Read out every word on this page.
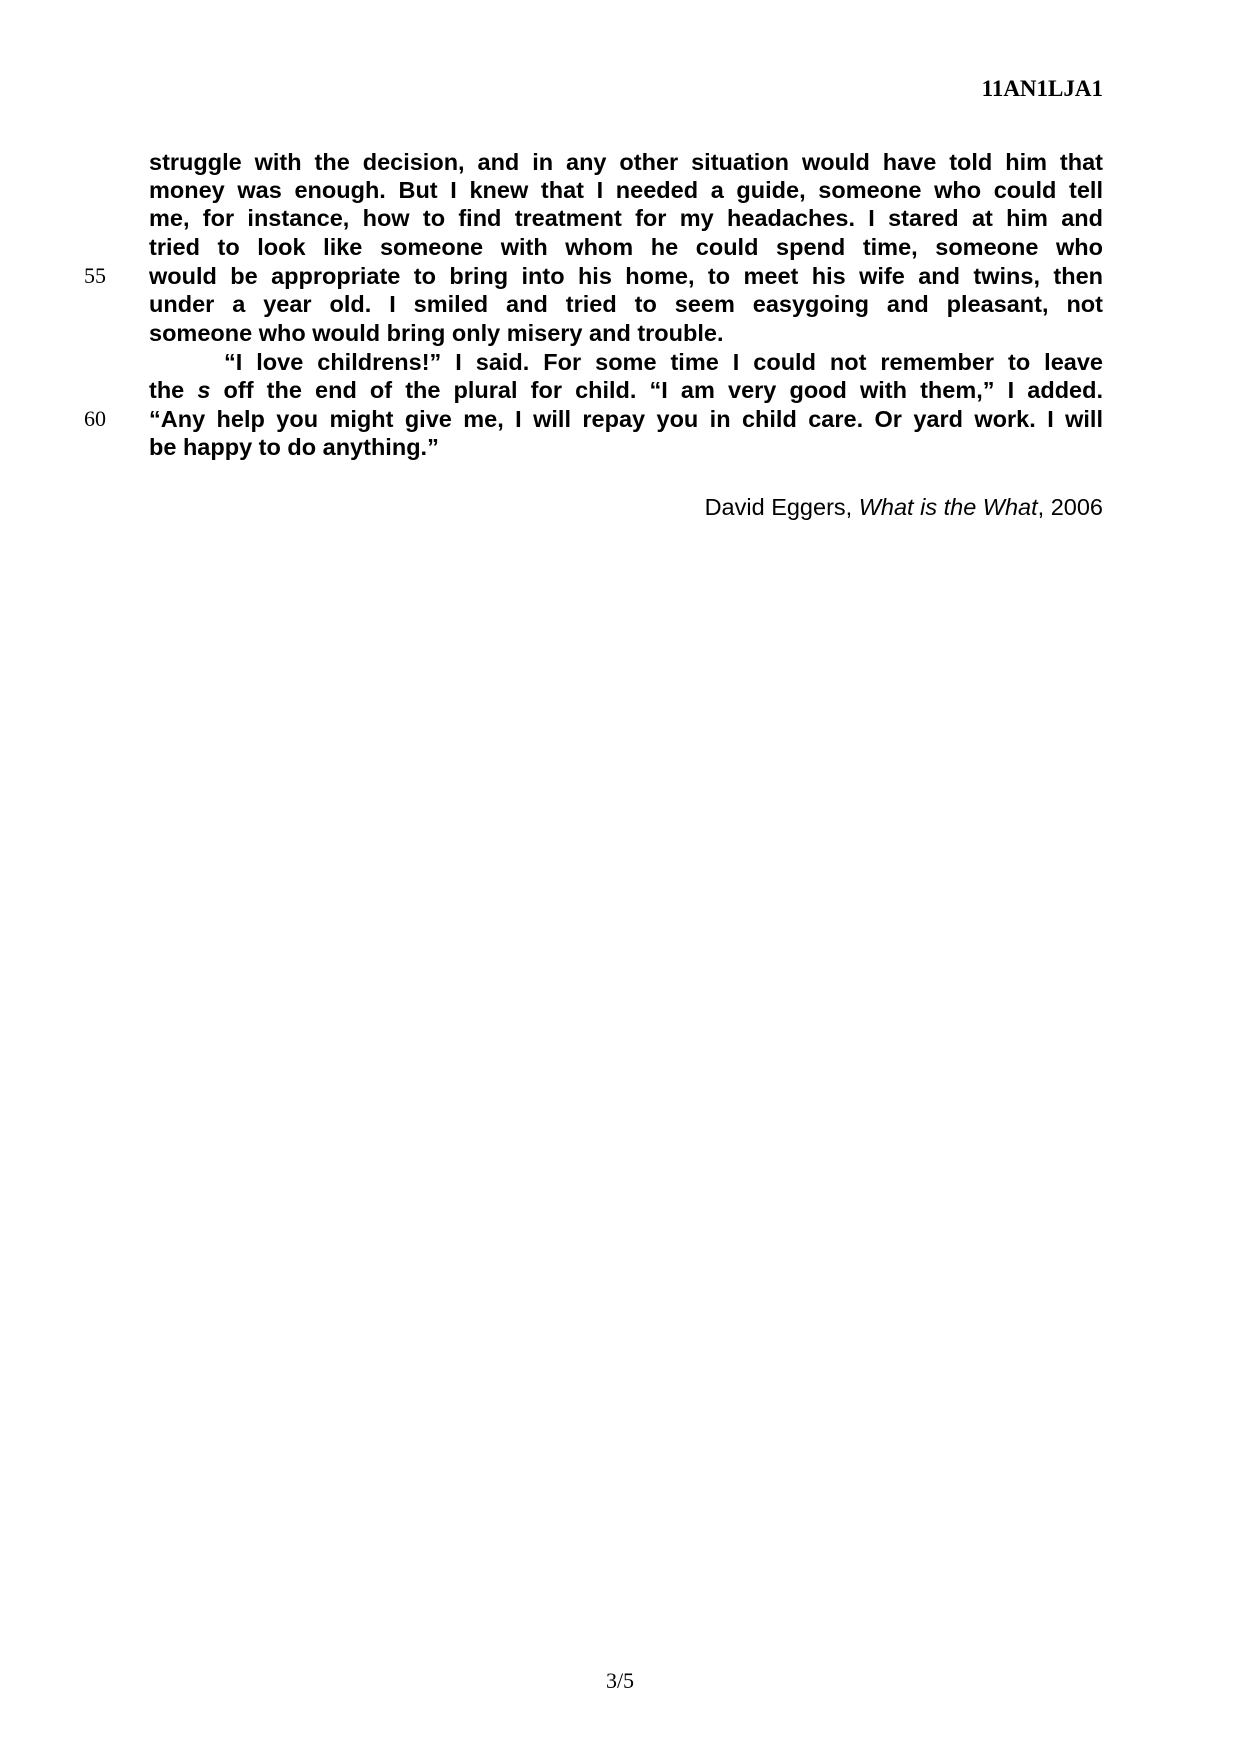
11AN1LJA1
struggle with the decision, and in any other situation would have told him that
money was enough. But I knew that I needed a guide, someone who could tell
me, for instance, how to find treatment for my headaches. I stared at him and
tried to look like someone with whom he could spend time, someone who
55	would be appropriate to bring into his home, to meet his wife and twins, then
under a year old. I smiled and tried to seem easygoing and pleasant, not
someone who would bring only misery and trouble.
“I love childrens!” I said. For some time I could not remember to leave
the s off the end of the plural for child. “I am very good with them,” I added.
60	“Any help you might give me, I will repay you in child care. Or yard work. I will
be happy to do anything.”
David Eggers, What is the What, 2006
3/5
